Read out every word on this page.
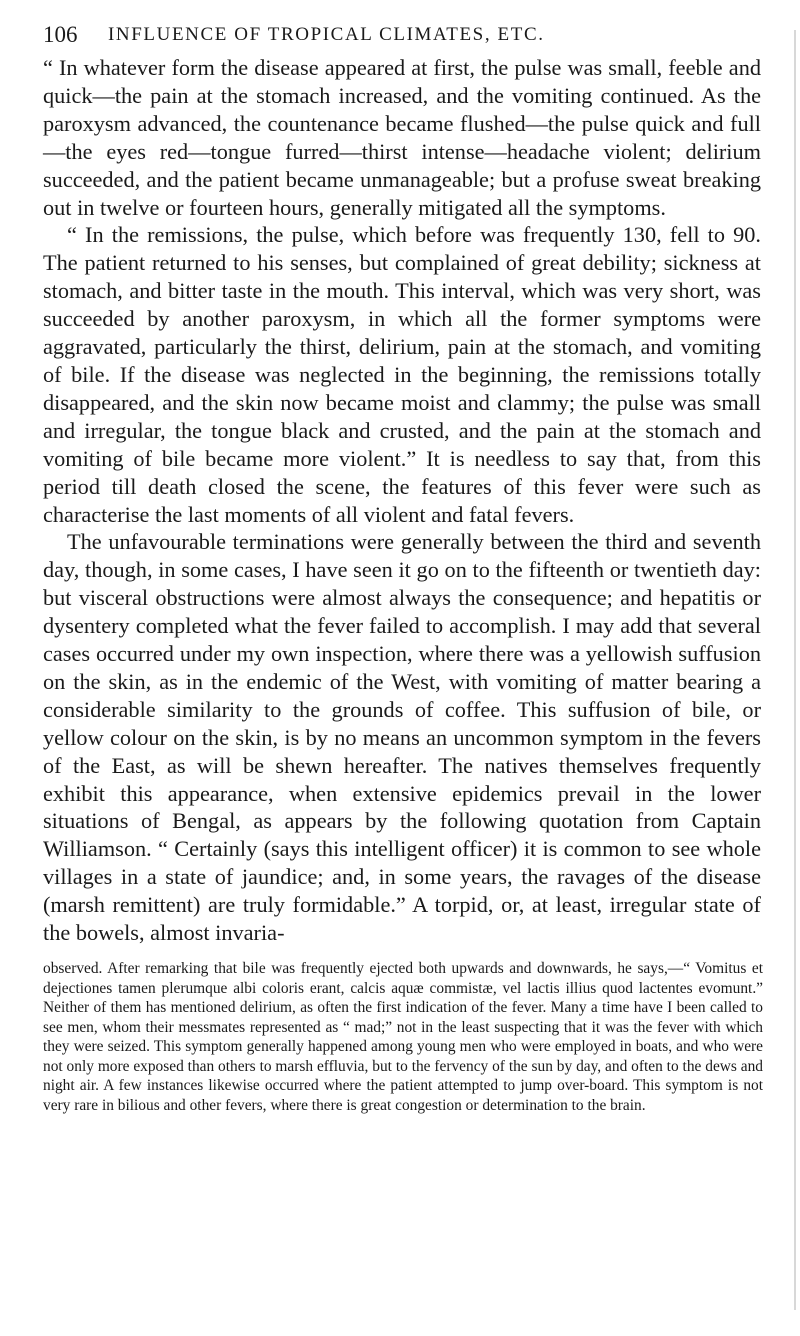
106 INFLUENCE OF TROPICAL CLIMATES, ETC.

“ In whatever form the disease appeared at first, the pulse was small, feeble and quick—the pain at the stomach increased, and the vomiting continued. As the paroxysm advanced, the countenance became flushed—the pulse quick and full—the eyes red—tongue furred—thirst intense—headache violent; delirium succeeded, and the patient became unmanageable; but a profuse sweat breaking out in twelve or fourteen hours, generally mitigated all the symptoms.

“ In the remissions, the pulse, which before was frequently 130, fell to 90. The patient returned to his senses, but complained of great debility; sickness at stomach, and bitter taste in the mouth. This interval, which was very short, was succeeded by another paroxysm, in which all the former symptoms were aggravated, particularly the thirst, delirium, pain at the stomach, and vomiting of bile. If the disease was neglected in the beginning, the remissions totally disappeared, and the skin now became moist and clammy; the pulse was small and irregular, the tongue black and crusted, and the pain at the stomach and vomiting of bile became more violent.” It is needless to say that, from this period till death closed the scene, the features of this fever were such as characterise the last moments of all violent and fatal fevers.

The unfavourable terminations were generally between the third and seventh day, though, in some cases, I have seen it go on to the fifteenth or twentieth day: but visceral obstructions were almost always the consequence; and hepatitis or dysentery completed what the fever failed to accomplish. I may add that several cases occurred under my own inspection, where there was a yellowish suffusion on the skin, as in the endemic of the West, with vomiting of matter bearing a considerable similarity to the grounds of coffee. This suffusion of bile, or yellow colour on the skin, is by no means an uncommon symptom in the fevers of the East, as will be shewn hereafter. The natives themselves frequently exhibit this appearance, when extensive epidemics prevail in the lower situations of Bengal, as appears by the following quotation from Captain Williamson. “ Certainly (says this intelligent officer) it is common to see whole villages in a state of jaundice; and, in some years, the ravages of the disease (marsh remittent) are truly formidable.” A torpid, or, at least, irregular state of the bowels, almost invaria-

observed. After remarking that bile was frequently ejected both upwards and downwards, he says,—“ Vomitus et dejectiones tamen plerumque albi coloris erant, calcis aquæ commistæ, vel lactis illius quod lactentes evomunt.” Neither of them has mentioned delirium, as often the first indication of the fever. Many a time have I been called to see men, whom their messmates represented as “ mad;” not in the least suspecting that it was the fever with which they were seized. This symptom generally happened among young men who were employed in boats, and who were not only more exposed than others to marsh effluvia, but to the fervency of the sun by day, and often to the dews and night air. A few instances likewise occurred where the patient attempted to jump over-board. This symptom is not very rare in bilious and other fevers, where there is great congestion or determination to the brain.
